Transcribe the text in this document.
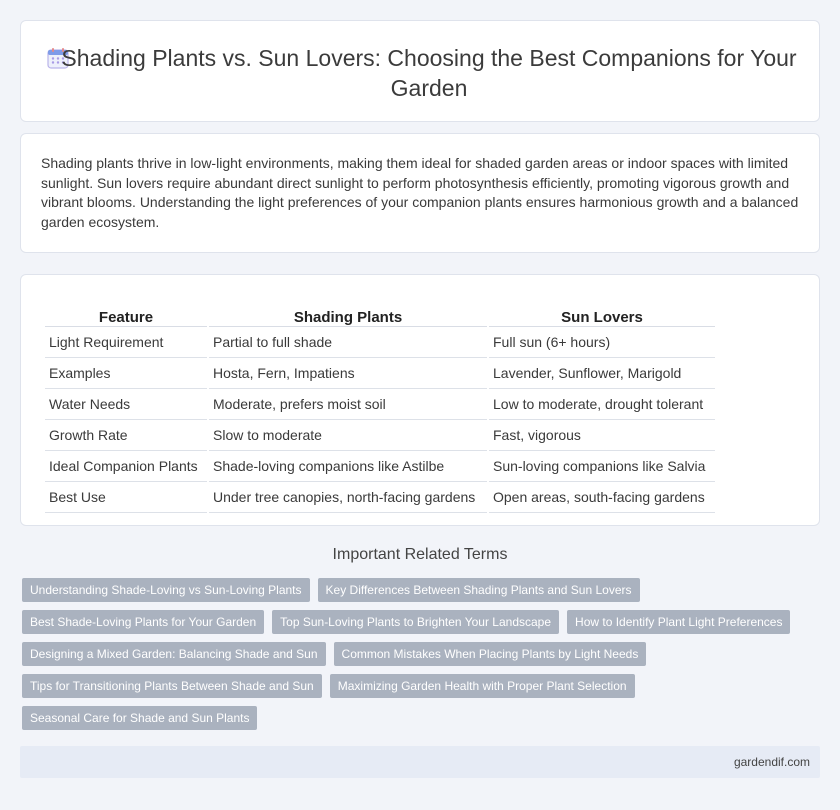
Shading Plants vs. Sun Lovers: Choosing the Best Companions for Your Garden

Shading plants thrive in low-light environments, making them ideal for shaded garden areas or indoor spaces with limited sunlight. Sun lovers require abundant direct sunlight to perform photosynthesis efficiently, promoting vigorous growth and vibrant blooms. Understanding the light preferences of your companion plants ensures harmonious growth and a balanced garden ecosystem.

Feature	Shading Plants	Sun Lovers
Light Requirement	Partial to full shade	Full sun (6+ hours)
Examples	Hosta, Fern, Impatiens	Lavender, Sunflower, Marigold
Water Needs	Moderate, prefers moist soil	Low to moderate, drought tolerant
Growth Rate	Slow to moderate	Fast, vigorous
Ideal Companion Plants	Shade-loving companions like Astilbe	Sun-loving companions like Salvia
Best Use	Under tree canopies, north-facing gardens	Open areas, south-facing gardens
Important Related Terms
Understanding Shade-Loving vs Sun-Loving Plants	Key Differences Between Shading Plants and Sun Lovers
Best Shade-Loving Plants for Your Garden	Top Sun-Loving Plants to Brighten Your Landscape	How to Identify Plant Light Preferences
Designing a Mixed Garden: Balancing Shade and Sun	Common Mistakes When Placing Plants by Light Needs
Tips for Transitioning Plants Between Shade and Sun	Maximizing Garden Health with Proper Plant Selection
Seasonal Care for Shade and Sun Plants
gardendif.com
